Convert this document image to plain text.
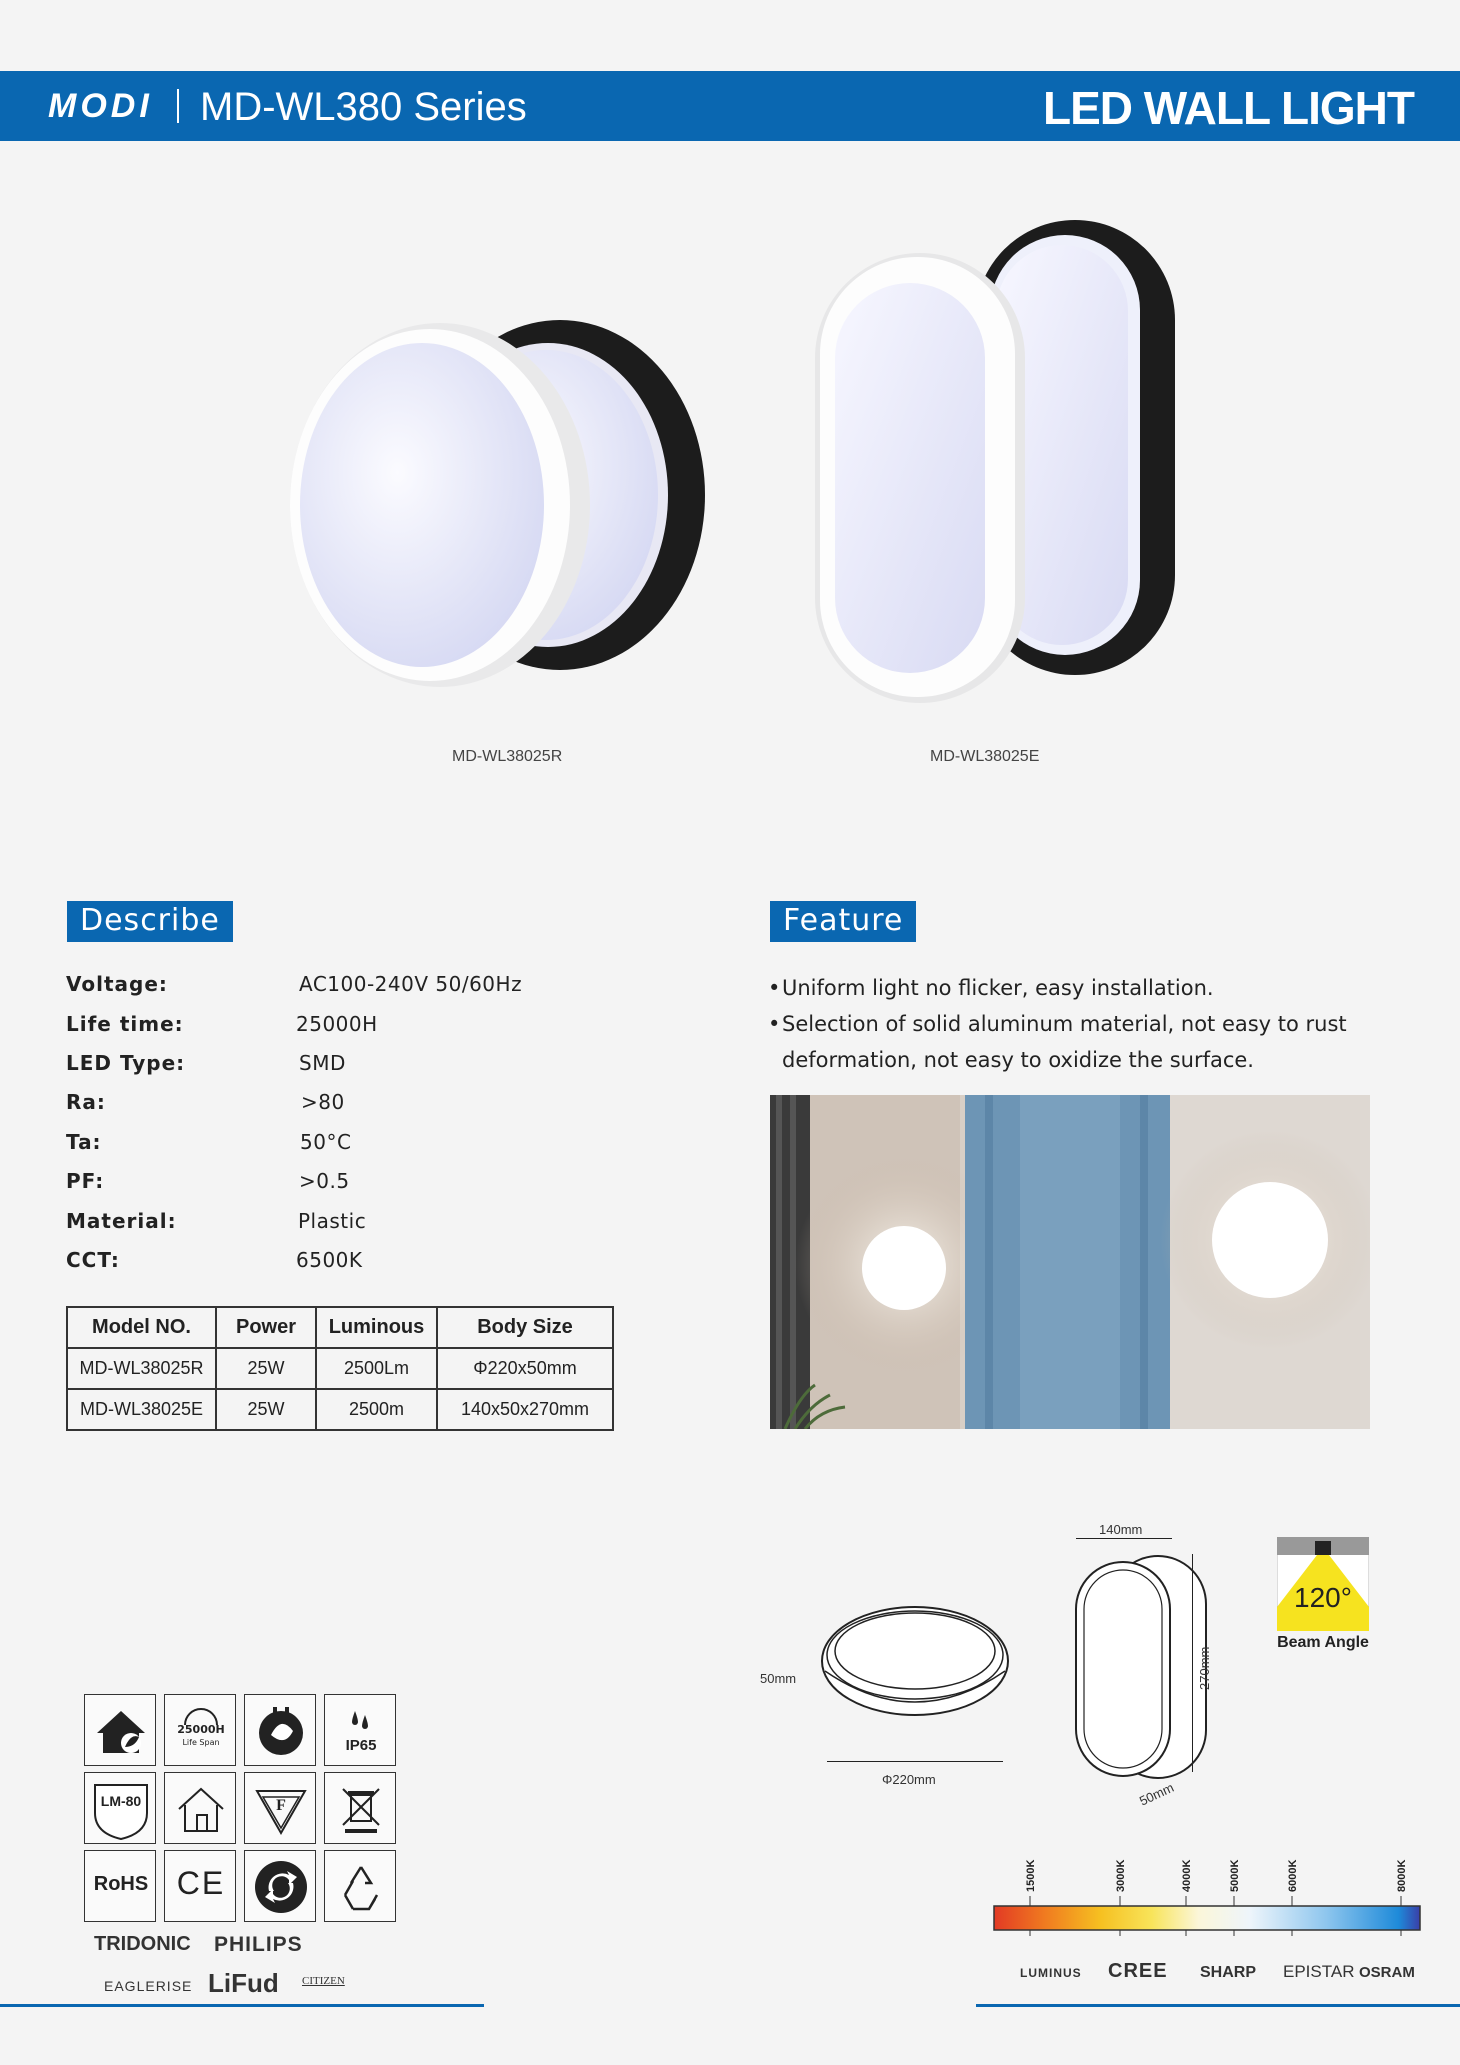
MODI MD-WL380 Series	LED WALL LIGHT
MD-WL38025R	MD-WL38025E
Describe
Voltage:	AC100-240V 50/60Hz
Life time:	25000H
LED Type:	SMD
Ra:	>80
Ta:	50°C
PF:	>0.5
Material:	Plastic
CCT:	6500K
Model NO.	Power	Luminous	Body Size
MD-WL38025R	25W	2500Lm	Φ220x50mm
MD-WL38025E	25W	2500m	140x50x270mm
Feature
• Uniform light no flicker, easy installation.
• Selection of solid aluminum material, not easy to rust deformation, not easy to oxidize the surface.
25000H
Life Span	IP65
LM-80	F
RoHS CE
TRIDONIC PHILIPS
EAGLERISE LiFud CITIZEN
50mm
Φ220mm
140mm
270mm
50mm
120°
Beam Angle
1500K	3000K	4000K	5000K	6000K	8000K
LUMINUS CREE SHARP EPISTAR OSRAM
